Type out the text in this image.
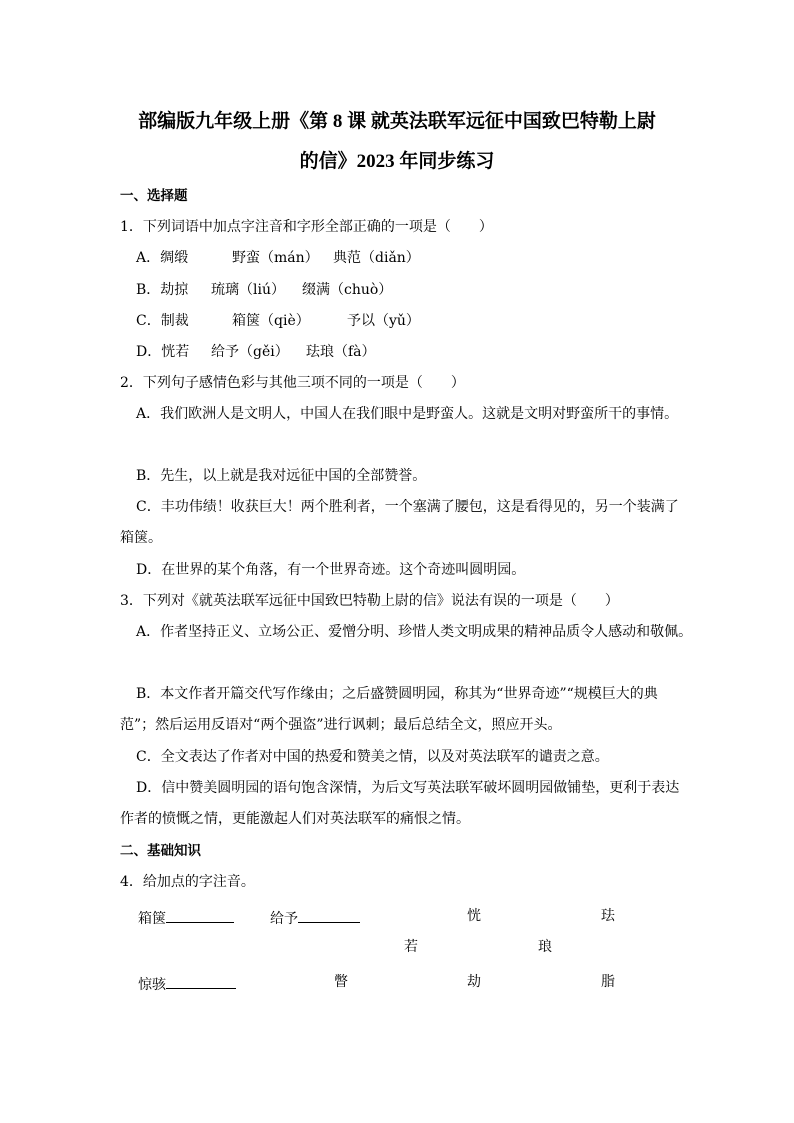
部编版九年级上册《第 8 课 就英法联军远征中国致巴特勒上尉
的信》2023 年同步练习
一、选择题
1．下列词语中加点字注音和字形全部正确的一项是（　　）
A．绸缎	野蛮（mán） 典范（diǎn）
B．劫掠 琉璃（liú） 缀满（chuò）
C．制裁	箱箧（qiè）	予以（yǔ）
D．恍若 给予（gěi） 珐琅（fà）
2．下列句子感情色彩与其他三项不同的一项是（　　）
A．我们欧洲人是文明人，中国人在我们眼中是野蛮人。这就是文明对野蛮所干的事情。
B．先生，以上就是我对远征中国的全部赞誉。
C．丰功伟绩！收获巨大！两个胜利者，一个塞满了腰包，这是看得见的，另一个装满了
箱箧。
D．在世界的某个角落，有一个世界奇迹。这个奇迹叫圆明园。
3．下列对《就英法联军远征中国致巴特勒上尉的信》说法有误的一项是（　　）
A．作者坚持正义、立场公正、爱憎分明、珍惜人类文明成果的精神品质令人感动和敬佩。
B．本文作者开篇交代写作缘由；之后盛赞圆明园，称其为“世界奇迹”“规模巨大的典
范”；然后运用反语对“两个强盗”进行讽刺；最后总结全文，照应开头。
C．全文表达了作者对中国的热爱和赞美之情，以及对英法联军的谴责之意。
D．信中赞美圆明园的语句饱含深情，为后文写英法联军破坏圆明园做铺垫，更利于表达
作者的愤慨之情，更能激起人们对英法联军的痛恨之情。
二、基础知识
4．给加点的字注音。
箱箧	给予	恍	珐
若	琅
惊骇	瞥	劫	脂
